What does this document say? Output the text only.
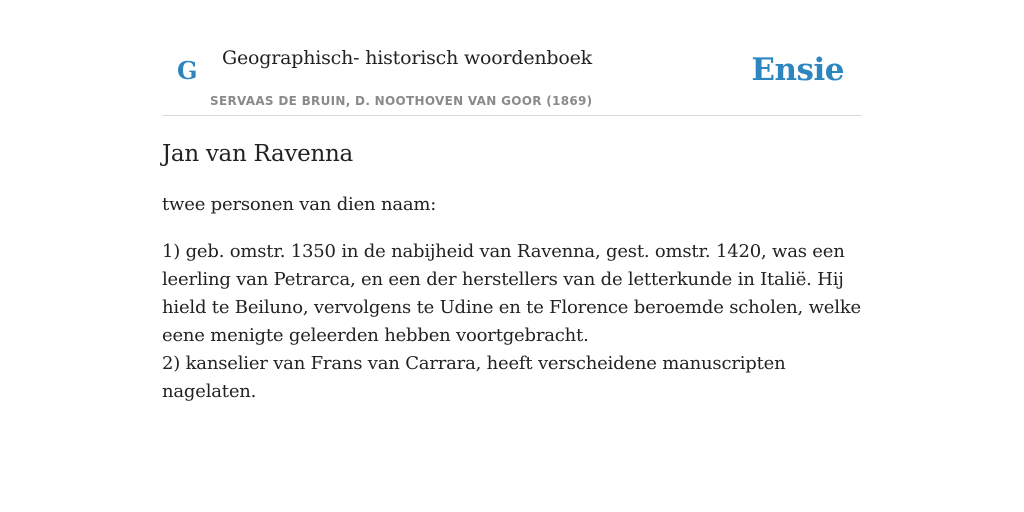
G Geographisch- historisch woordenboek
SERVAAS DE BRUIN, D. NOOTHOVEN VAN GOOR (1869)
Ensie
Jan van Ravenna

twee personen van dien naam:

1) geb. omstr. 1350 in de nabijheid van Ravenna, gest. omstr. 1420, was een leerling van Petrarca, en een der herstellers van de letterkunde in Italië. Hij hield te Beiluno, vervolgens te Udine en te Florence beroemde scholen, welke eene menigte geleerden hebben voortgebracht.
2) kanselier van Frans van Carrara, heeft verscheidene manuscripten nagelaten.
